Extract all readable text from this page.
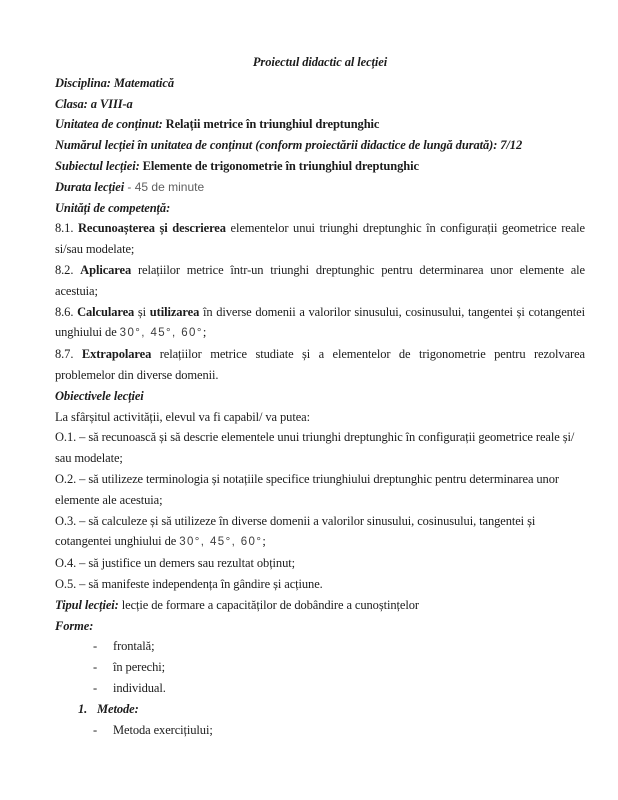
Proiectul didactic al lecției
Disciplina: Matematică
Clasa: a VIII-a
Unitatea de conținut: Relații metrice în triunghiul dreptunghic
Numărul lecției în unitatea de conținut (conform proiectării didactice de lungă durată): 7/12
Subiectul lecției: Elemente de trigonometrie în triunghiul dreptunghic
Durata lecției - 45 de minute
Unități de competență:
8.1. Recunoașterea și descrierea elementelor unui triunghi dreptunghic în configurații geometrice reale si/sau modelate;
8.2. Aplicarea relațiilor metrice într-un triunghi dreptunghic pentru determinarea unor elemente ale acestuia;
8.6. Calcularea și utilizarea în diverse domenii a valorilor sinusului, cosinusului, tangentei și cotangentei unghiului de 30°, 45°, 60°;
8.7. Extrapolarea relațiilor metrice studiate și a elementelor de trigonometrie pentru rezolvarea problemelor din diverse domenii.
Obiectivele lecției
La sfârșitul activității, elevul va fi capabil/ va putea:
O.1. – să recunoască și să descrie elementele unui triunghi dreptunghic în configurații geometrice reale și/ sau modelate;
O.2. – să utilizeze terminologia și notațiile specifice triunghiului dreptunghic pentru determinarea unor elemente ale acestuia;
O.3. – să calculeze și să utilizeze în diverse domenii a valorilor sinusului, cosinusului, tangentei și cotangentei unghiului de 30°, 45°, 60°;
O.4. – să justifice un demers sau rezultat obținut;
O.5. – să manifeste independența în gândire și acțiune.
Tipul lecției: lecție de formare a capacităților de dobândire a cunoștințelor
Forme:
- frontală;
- în perechi;
- individual.
1. Metode:
- Metoda exercițiului;
